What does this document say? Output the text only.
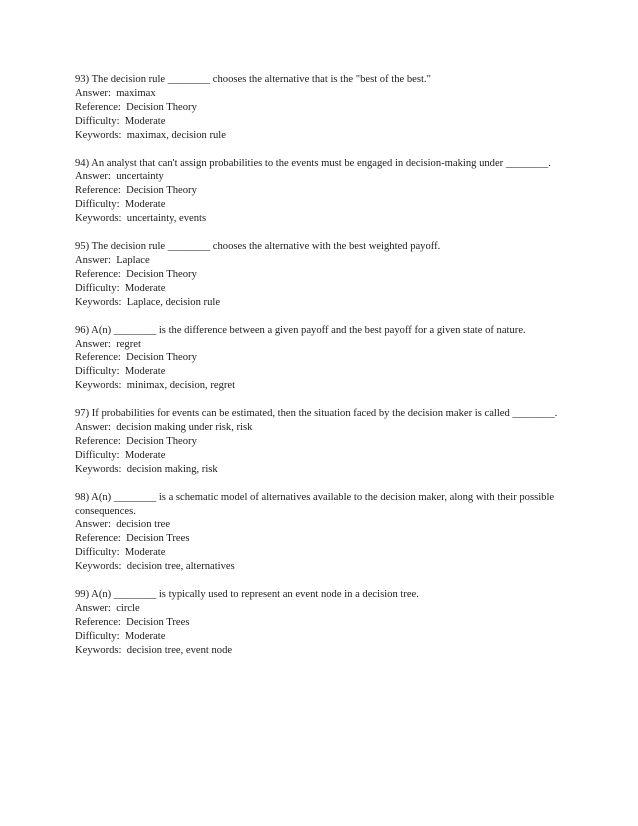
93) The decision rule ________ chooses the alternative that is the "best of the best."
Answer:  maximax
Reference:  Decision Theory
Difficulty:  Moderate
Keywords:  maximax, decision rule
94) An analyst that can't assign probabilities to the events must be engaged in decision-making under ________.
Answer:  uncertainty
Reference:  Decision Theory
Difficulty:  Moderate
Keywords:  uncertainty, events
95) The decision rule ________ chooses the alternative with the best weighted payoff.
Answer:  Laplace
Reference:  Decision Theory
Difficulty:  Moderate
Keywords:  Laplace, decision rule
96) A(n) ________ is the difference between a given payoff and the best payoff for a given state of nature.
Answer:  regret
Reference:  Decision Theory
Difficulty:  Moderate
Keywords:  minimax, decision, regret
97) If probabilities for events can be estimated, then the situation faced by the decision maker is called ________.
Answer:  decision making under risk, risk
Reference:  Decision Theory
Difficulty:  Moderate
Keywords:  decision making, risk
98) A(n) ________ is a schematic model of alternatives available to the decision maker, along with their possible consequences.
Answer:  decision tree
Reference:  Decision Trees
Difficulty:  Moderate
Keywords:  decision tree, alternatives
99) A(n) ________ is typically used to represent an event node in a decision tree.
Answer:  circle
Reference:  Decision Trees
Difficulty:  Moderate
Keywords:  decision tree, event node
